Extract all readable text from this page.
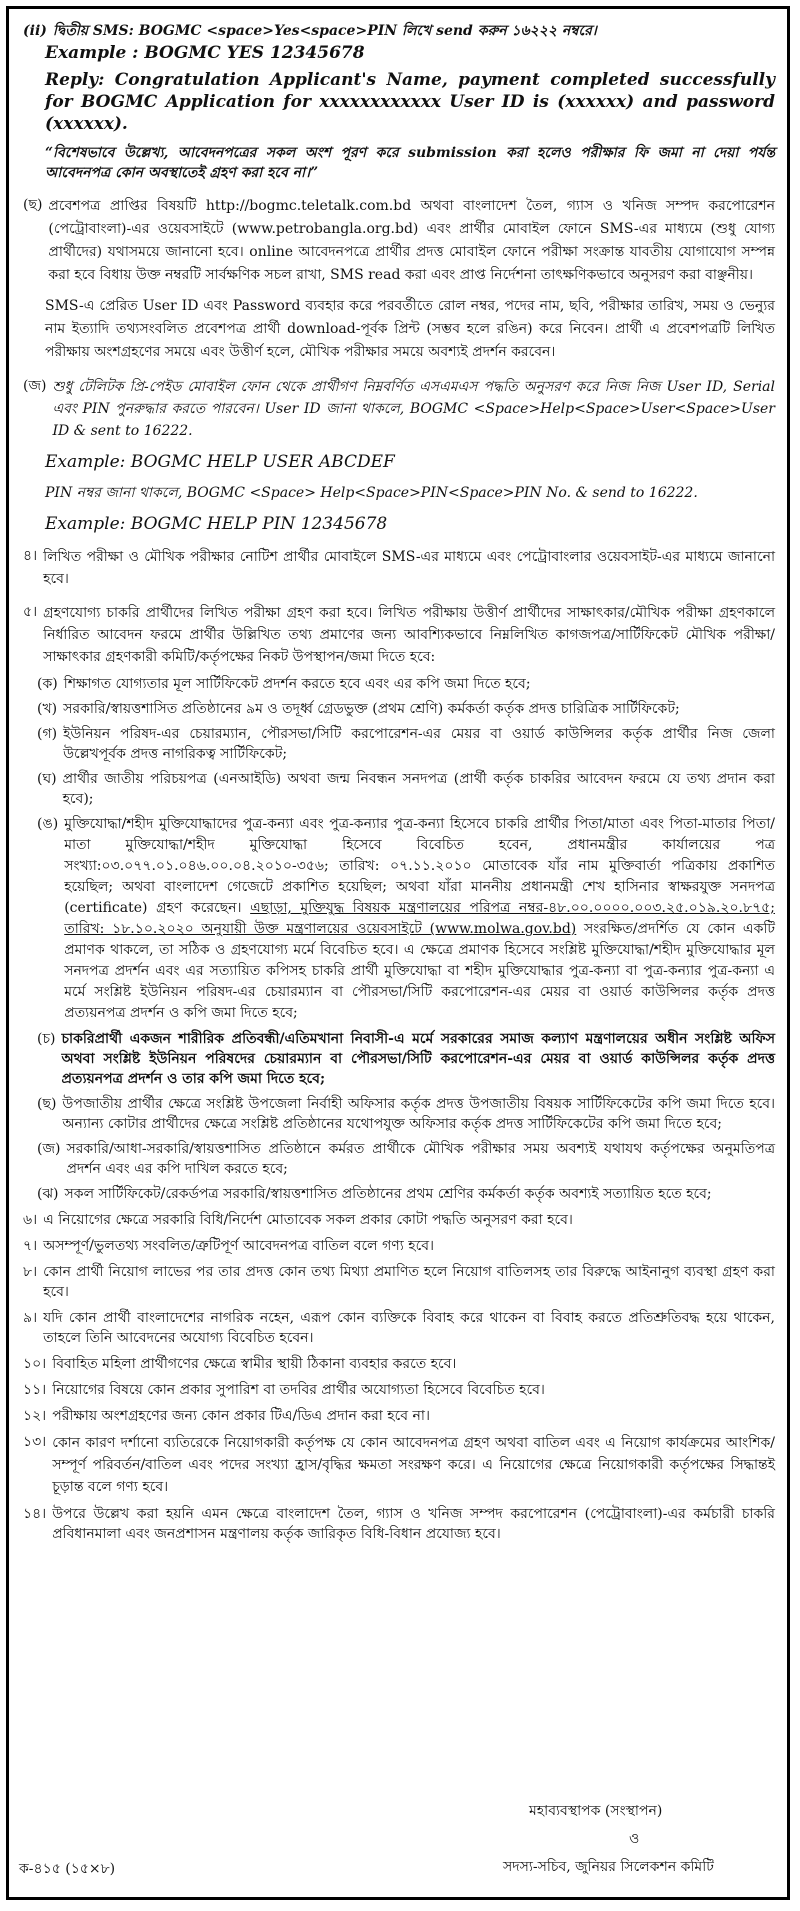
(ii) দ্বিতীয় SMS: BOGMC <space>Yes<space>PIN লিখে send করুন ১৬২২২ নম্বরে।
Example : BOGMC YES 12345678

Reply: Congratulation Applicant's Name, payment completed successfully for BOGMC Application for xxxxxxxxxxxx User ID is (xxxxxx) and password (xxxxxx).

“বিশেষভাবে উল্লেখ্য, আবেদনপত্রের সকল অংশ পূরণ করে submission করা হলেও পরীক্ষার ফি জমা না দেয়া পর্যন্ত আবেদনপত্র কোন অবস্থাতেই গ্রহণ করা হবে না।”

(ছ) প্রবেশপত্র প্রাপ্তির বিষয়টি http://bogmc.teletalk.com.bd অথবা বাংলাদেশ তৈল, গ্যাস ও খনিজ সম্পদ করপোরেশন (পেট্রোবাংলা)-এর ওয়েবসাইটে (www.petrobangla.org.bd) এবং প্রার্থীর মোবাইল ফোনে SMS-এর মাধ্যমে (শুধু যোগ্য প্রার্থীদের) যথাসময়ে জানানো হবে। online আবেদনপত্রে প্রার্থীর প্রদত্ত মোবাইল ফোনে পরীক্ষা সংক্রান্ত যাবতীয় যোগাযোগ সম্পন্ন করা হবে বিধায় উক্ত নম্বরটি সার্বক্ষণিক সচল রাখা, SMS read করা এবং প্রাপ্ত নির্দেশনা তাৎক্ষণিকভাবে অনুসরণ করা বাঞ্ছনীয়।

SMS-এ প্রেরিত User ID এবং Password ব্যবহার করে পরবর্তীতে রোল নম্বর, পদের নাম, ছবি, পরীক্ষার তারিখ, সময় ও ভেন্যুর নাম ইত্যাদি তথ্যসংবলিত প্রবেশপত্র প্রার্থী download-পূর্বক প্রিন্ট (সম্ভব হলে রঙিন) করে নিবেন। প্রার্থী এ প্রবেশপত্রটি লিখিত পরীক্ষায় অংশগ্রহণের সময়ে এবং উত্তীর্ণ হলে, মৌখিক পরীক্ষার সময়ে অবশ্যই প্রদর্শন করবেন।

(জ) শুধু টেলিটক প্রি-পেইড মোবাইল ফোন থেকে প্রার্থীগণ নিম্নবর্ণিত এসএমএস পদ্ধতি অনুসরণ করে নিজ নিজ User ID, Serial এবং PIN পুনরুদ্ধার করতে পারবেন। User ID জানা থাকলে, BOGMC <Space>Help<Space>User<Space>User ID & sent to 16222.

Example: BOGMC HELP USER ABCDEF

PIN নম্বর জানা থাকলে, BOGMC <Space> Help<Space>PIN<Space>PIN No. & send to 16222.

Example: BOGMC HELP PIN 12345678
৪। লিখিত পরীক্ষা ও মৌখিক পরীক্ষার নোটিশ প্রার্থীর মোবাইলে SMS-এর মাধ্যমে এবং পেট্রোবাংলার ওয়েবসাইট-এর মাধ্যমে জানানো হবে।

৫। গ্রহণযোগ্য চাকরি প্রার্থীদের লিখিত পরীক্ষা গ্রহণ করা হবে। লিখিত পরীক্ষায় উত্তীর্ণ প্রার্থীদের সাক্ষাৎকার/মৌখিক পরীক্ষা গ্রহণকালে নির্ধারিত আবেদন ফরমে প্রার্থীর উল্লিখিত তথ্য প্রমাণের জন্য আবশ্যিকভাবে নিম্নলিখিত কাগজপত্র/সার্টিফিকেট মৌখিক পরীক্ষা/সাক্ষাৎকার গ্রহণকারী কমিটি/কর্তৃপক্ষের নিকট উপস্থাপন/জমা দিতে হবে:

(ক) শিক্ষাগত যোগ্যতার মূল সার্টিফিকেট প্রদর্শন করতে হবে এবং এর কপি জমা দিতে হবে;

(খ) সরকারি/স্বায়ত্তশাসিত প্রতিষ্ঠানের ৯ম ও তদূর্ধ্ব গ্রেডভুক্ত (প্রথম শ্রেণি) কর্মকর্তা কর্তৃক প্রদত্ত চারিত্রিক সার্টিফিকেট;

(গ) ইউনিয়ন পরিষদ-এর চেয়ারম্যান, পৌরসভা/সিটি করপোরেশন-এর মেয়র বা ওয়ার্ড কাউন্সিলর কর্তৃক প্রার্থীর নিজ জেলা উল্লেখপূর্বক প্রদত্ত নাগরিকত্ব সার্টিফিকেট;

(ঘ) প্রার্থীর জাতীয় পরিচয়পত্র (এনআইডি) অথবা জন্ম নিবন্ধন সনদপত্র (প্রার্থী কর্তৃক চাকরির আবেদন ফরমে যে তথ্য প্রদান করা হবে);

(ঙ) মুক্তিযোদ্ধা/শহীদ মুক্তিযোদ্ধাদের পুত্র-কন্যা এবং পুত্র-কন্যার পুত্র-কন্যা হিসেবে চাকরি প্রার্থীর পিতা/মাতা এবং পিতা-মাতার পিতা/মাতা মুক্তিযোদ্ধা/শহীদ মুক্তিযোদ্ধা হিসেবে বিবেচিত হবেন, প্রধানমন্ত্রীর কার্যালয়ের পত্র সংখ্যা:০৩.০৭৭.০১.০৪৬.০০.০৪.২০১০-৩৫৬; তারিখ: ০৭.১১.২০১০ মোতাবেক যাঁর নাম মুক্তিবার্তা পত্রিকায় প্রকাশিত হয়েছিল; অথবা বাংলাদেশ গেজেটে প্রকাশিত হয়েছিল; অথবা যাঁরা মাননীয় প্রধানমন্ত্রী শেখ হাসিনার স্বাক্ষরযুক্ত সনদপত্র (certificate) গ্রহণ করেছেন। এছাড়া, মুক্তিযুদ্ধ বিষয়ক মন্ত্রণালয়ের পরিপত্র নম্বর-৪৮.০০.০০০০.০০৩.২৫.০১৯.২০.৮৭৫; তারিখ: ১৮.১০.২০২০ অনুযায়ী উক্ত মন্ত্রণালয়ের ওয়েবসাইটে (www.molwa.gov.bd) সংরক্ষিত/প্রদর্শিত যে কোন একটি প্রমাণক থাকলে, তা সঠিক ও গ্রহণযোগ্য মর্মে বিবেচিত হবে। এ ক্ষেত্রে প্রমাণক হিসেবে সংশ্লিষ্ট মুক্তিযোদ্ধা/শহীদ মুক্তিযোদ্ধার মূল সনদপত্র প্রদর্শন এবং এর সত্যায়িত কপিসহ চাকরি প্রার্থী মুক্তিযোদ্ধা বা শহীদ মুক্তিযোদ্ধার পুত্র-কন্যা বা পুত্র-কন্যার পুত্র-কন্যা এ মর্মে সংশ্লিষ্ট ইউনিয়ন পরিষদ-এর চেয়ারম্যান বা পৌরসভা/সিটি করপোরেশন-এর মেয়র বা ওয়ার্ড কাউন্সিলর কর্তৃক প্রদত্ত প্রত্যয়নপত্র প্রদর্শন ও কপি জমা দিতে হবে;

(চ) চাকরিপ্রার্থী একজন শারীরিক প্রতিবন্ধী/এতিমখানা নিবাসী-এ মর্মে সরকারের সমাজ কল্যাণ মন্ত্রণালয়ের অধীন সংশ্লিষ্ট অফিস অথবা সংশ্লিষ্ট ইউনিয়ন পরিষদের চেয়ারম্যান বা পৌরসভা/সিটি করপোরেশন-এর মেয়র বা ওয়ার্ড কাউন্সিলর কর্তৃক প্রদত্ত প্রত্যয়নপত্র প্রদর্শন ও তার কপি জমা দিতে হবে;

(ছ) উপজাতীয় প্রার্থীর ক্ষেত্রে সংশ্লিষ্ট উপজেলা নির্বাহী অফিসার কর্তৃক প্রদত্ত উপজাতীয় বিষয়ক সার্টিফিকেটের কপি জমা দিতে হবে। অন্যান্য কোটার প্রার্থীদের ক্ষেত্রে সংশ্লিষ্ট প্রতিষ্ঠানের যথোপযুক্ত অফিসার কর্তৃক প্রদত্ত সার্টিফিকেটের কপি জমা দিতে হবে;

(জ) সরকারি/আধা-সরকারি/স্বায়ত্তশাসিত প্রতিষ্ঠানে কর্মরত প্রার্থীকে মৌখিক পরীক্ষার সময় অবশ্যই যথাযথ কর্তৃপক্ষের অনুমতিপত্র প্রদর্শন এবং এর কপি দাখিল করতে হবে;

(ঝ) সকল সার্টিফিকেট/রেকর্ডপত্র সরকারি/স্বায়ত্তশাসিত প্রতিষ্ঠানের প্রথম শ্রেণির কর্মকর্তা কর্তৃক অবশ্যই সত্যায়িত হতে হবে;

৬। এ নিয়োগের ক্ষেত্রে সরকারি বিধি/নির্দেশ মোতাবেক সকল প্রকার কোটা পদ্ধতি অনুসরণ করা হবে।

৭। অসম্পূর্ণ/ভুলতথ্য সংবলিত/ত্রুটিপূর্ণ আবেদনপত্র বাতিল বলে গণ্য হবে।

৮। কোন প্রার্থী নিয়োগ লাভের পর তার প্রদত্ত কোন তথ্য মিথ্যা প্রমাণিত হলে নিয়োগ বাতিলসহ তার বিরুদ্ধে আইনানুগ ব্যবস্থা গ্রহণ করা হবে।

৯। যদি কোন প্রার্থী বাংলাদেশের নাগরিক নহেন, এরূপ কোন ব্যক্তিকে বিবাহ করে থাকেন বা বিবাহ করতে প্রতিশ্রুতিবদ্ধ হয়ে থাকেন, তাহলে তিনি আবেদনের অযোগ্য বিবেচিত হবেন।

১০। বিবাহিত মহিলা প্রার্থীগণের ক্ষেত্রে স্বামীর স্থায়ী ঠিকানা ব্যবহার করতে হবে।

১১। নিয়োগের বিষয়ে কোন প্রকার সুপারিশ বা তদবির প্রার্থীর অযোগ্যতা হিসেবে বিবেচিত হবে।

১২। পরীক্ষায় অংশগ্রহণের জন্য কোন প্রকার টিএ/ডিএ প্রদান করা হবে না।

১৩। কোন কারণ দর্শানো ব্যতিরেকে নিয়োগকারী কর্তৃপক্ষ যে কোন আবেদনপত্র গ্রহণ অথবা বাতিল এবং এ নিয়োগ কার্যক্রমের আংশিক/সম্পূর্ণ পরিবর্তন/বাতিল এবং পদের সংখ্যা হ্রাস/বৃদ্ধির ক্ষমতা সংরক্ষণ করে। এ নিয়োগের ক্ষেত্রে নিয়োগকারী কর্তৃপক্ষের সিদ্ধান্তই চূড়ান্ত বলে গণ্য হবে।

১৪। উপরে উল্লেখ করা হয়নি এমন ক্ষেত্রে বাংলাদেশ তৈল, গ্যাস ও খনিজ সম্পদ করপোরেশন (পেট্রোবাংলা)-এর কর্মচারী চাকরি প্রবিধানমালা এবং জনপ্রশাসন মন্ত্রণালয় কর্তৃক জারিকৃত বিধি-বিধান প্রযোজ্য হবে।

মহাব্যবস্থাপক (সংস্থাপন)
ও
সদস্য-সচিব, জুনিয়র সিলেকশন কমিটি
ক-৪১৫ (১৫×৮)
